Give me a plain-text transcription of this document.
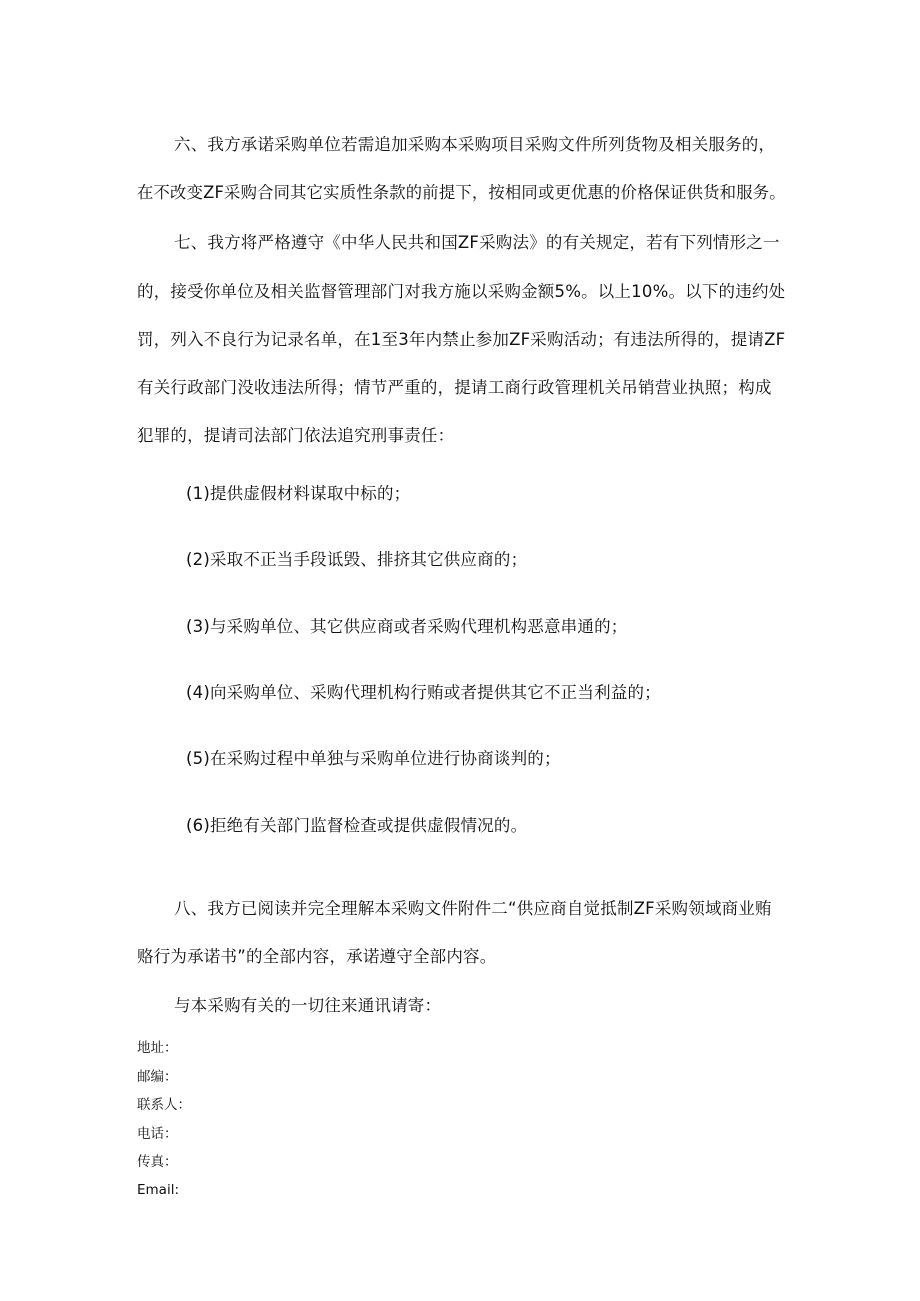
六、我方承诺采购单位若需追加采购本采购项目采购文件所列货物及相关服务的，
在不改变ZF采购合同其它实质性条款的前提下，按相同或更优惠的价格保证供货和服务。
七、我方将严格遵守《中华人民共和国ZF采购法》的有关规定，若有下列情形之一
的，接受你单位及相关监督管理部门对我方施以采购金额5%。以上10%。以下的违约处
罚，列入不良行为记录名单，在1至3年内禁止参加ZF采购活动；有违法所得的，提请ZF
有关行政部门没收违法所得；情节严重的，提请工商行政管理机关吊销营业执照；构成
犯罪的，提请司法部门依法追究刑事责任：
(1)提供虚假材料谋取中标的；
(2)采取不正当手段诋毁、排挤其它供应商的；
(3)与采购单位、其它供应商或者采购代理机构恶意串通的；
(4)向采购单位、采购代理机构行贿或者提供其它不正当利益的；
(5)在采购过程中单独与采购单位进行协商谈判的；
(6)拒绝有关部门监督检查或提供虚假情况的。
八、我方已阅读并完全理解本采购文件附件二“供应商自觉抵制ZF采购领域商业贿
赂行为承诺书”的全部内容，承诺遵守全部内容。
与本采购有关的一切往来通讯请寄：
地址：
邮编：
联系人：
电话：
传真：
Email:
